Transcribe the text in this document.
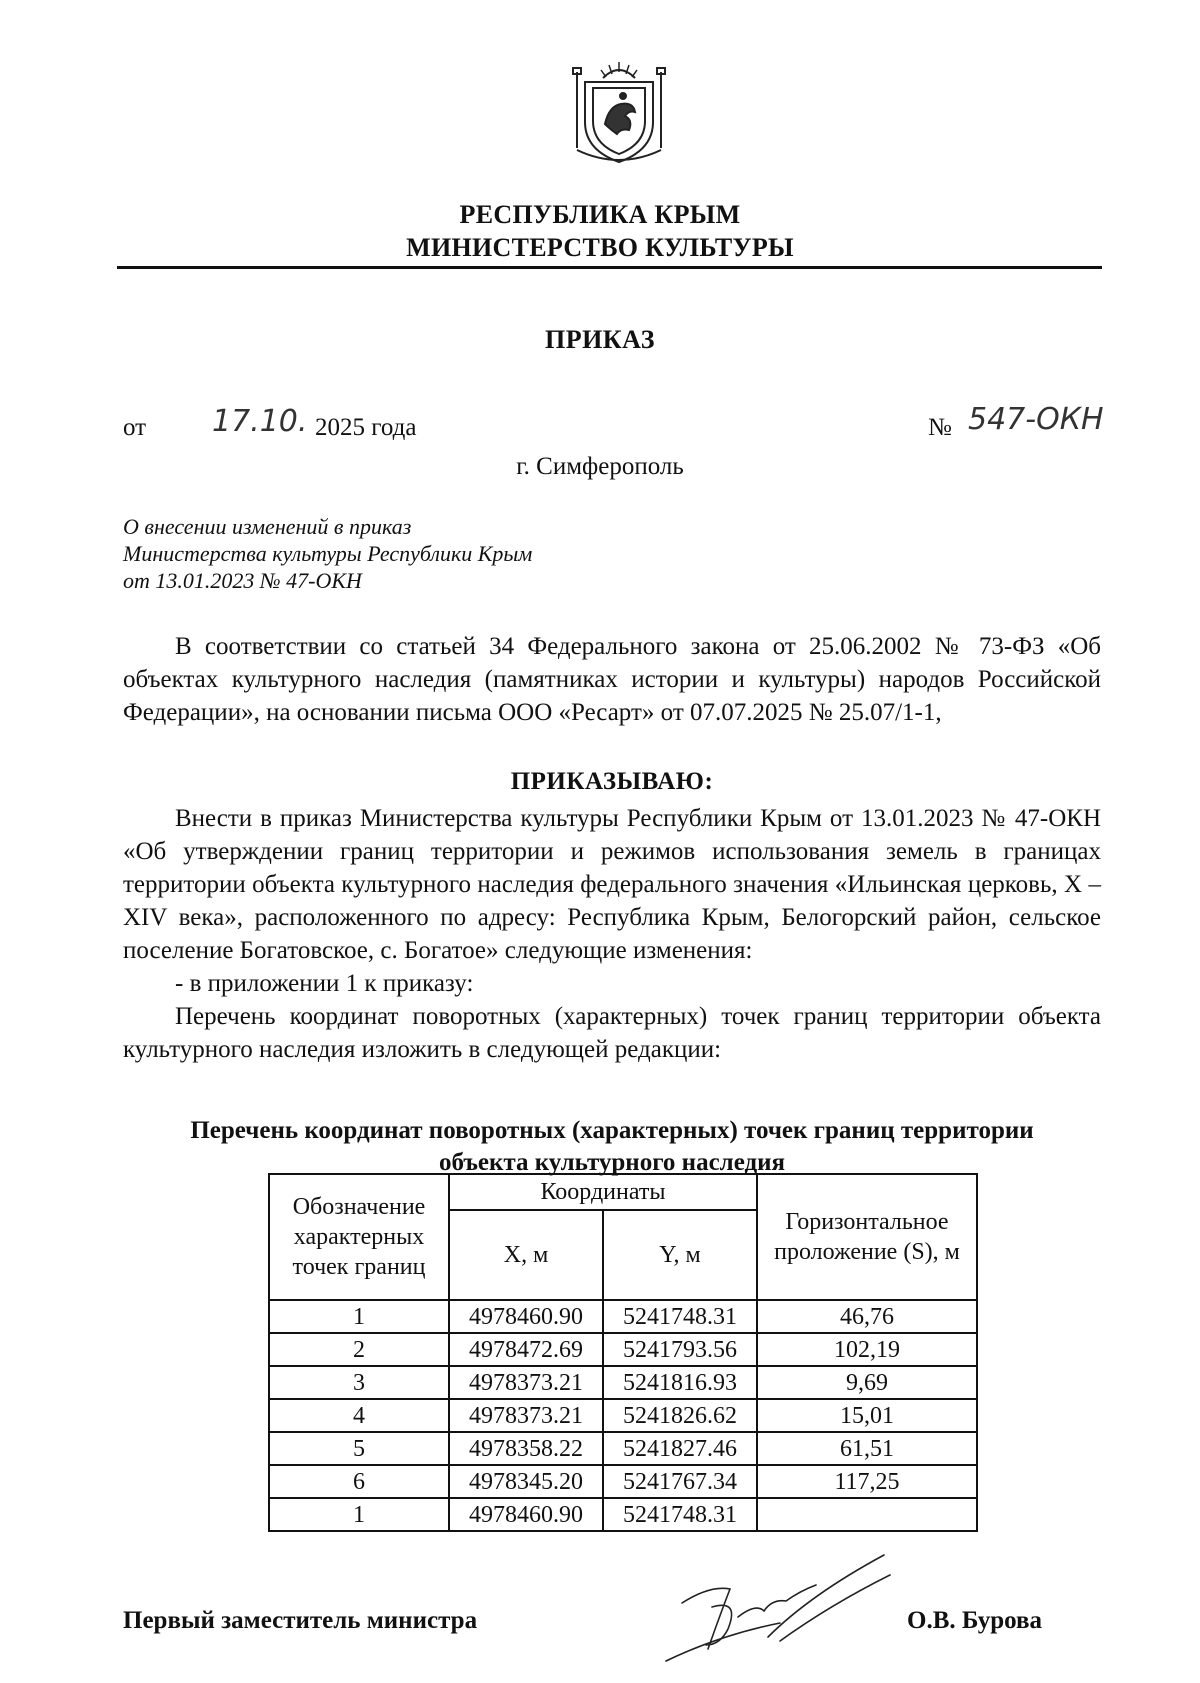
РЕСПУБЛИКА КРЫМ
МИНИСТЕРСТВО КУЛЬТУРЫ
ПРИКАЗ
от 17.10. 2025 года	№ 547-ОКН
г. Симферополь
О внесении изменений в приказ
Министерства культуры Республики Крым
от 13.01.2023 № 47-ОКН

В соответствии со статьей 34 Федерального закона от 25.06.2002 № 73-ФЗ «Об объектах культурного наследия (памятниках истории и культуры) народов Российской Федерации», на основании письма ООО «Ресарт» от 07.07.2025 № 25.07/1-1,

ПРИКАЗЫВАЮ:

Внести в приказ Министерства культуры Республики Крым от 13.01.2023 № 47-ОКН «Об утверждении границ территории и режимов использования земель в границах территории объекта культурного наследия федерального значения «Ильинская церковь, X – XIV века», расположенного по адресу: Республика Крым, Белогорский район, сельское поселение Богатовское, с. Богатое» следующие изменения:

- в приложении 1 к приказу:

Перечень координат поворотных (характерных) точек границ территории объекта культурного наследия изложить в следующей редакции:

Перечень координат поворотных (характерных) точек границ территории
объекта культурного наследия
Обозначение характерных точек границ	Координаты		Горизонтальное проложение (S), м
	X, м	Y, м	
1	4978460.90	5241748.31	46,76
2	4978472.69	5241793.56	102,19
3	4978373.21	5241816.93	9,69
4	4978373.21	5241826.62	15,01
5	4978358.22	5241827.46	61,51
6	4978345.20	5241767.34	117,25
1	4978460.90	5241748.31	
Первый заместитель министра	О.В. Бурова
